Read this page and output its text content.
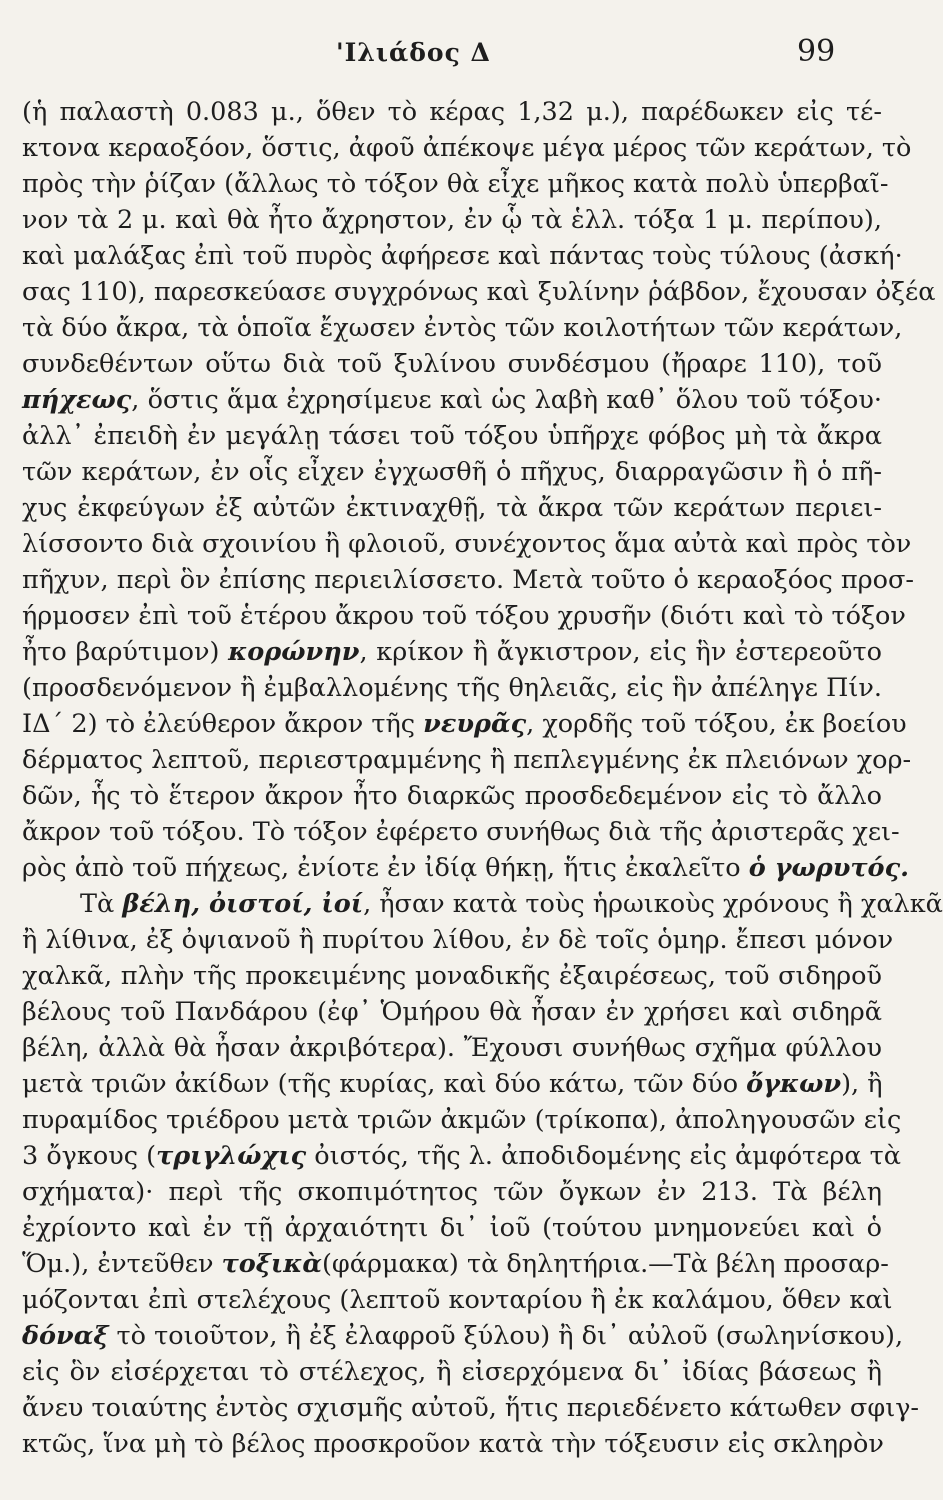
'Ιλιάδος Δ	99
(ἡ παλαστὴ 0.083 μ., ὅθεν τὸ κέρας 1,32 μ.), παρέδωκεν εἰς τέ-
κτονα κεραοξόον, ὅστις, ἀφοῦ ἀπέκοψε μέγα μέρος τῶν κεράτων, τὸ
πρὸς τὴν ῥίζαν (ἄλλως τὸ τόξον θὰ εἶχε μῆκος κατὰ πολὺ ὑπερβαῖ-
νον τὰ 2 μ. καὶ θὰ ἦτο ἄχρηστον, ἐν ᾧ τὰ ἑλλ. τόξα 1 μ. περίπου),
καὶ μαλάξας ἐπὶ τοῦ πυρὸς ἀφήρεσε καὶ πάντας τοὺς τύλους (ἀσκή·
σας 110), παρεσκεύασε συγχρόνως καὶ ξυλίνην ῥάβδον, ἔχουσαν ὀξέα
τὰ δύο ἄκρα, τὰ ὁποῖα ἔχωσεν ἐντὸς τῶν κοιλοτήτων τῶν κεράτων,
συνδεθέντων οὕτω διὰ τοῦ ξυλίνου συνδέσμου (ἤραρε 110), τοῦ
πήχεως, ὅστις ἅμα ἐχρησίμευε καὶ ὡς λαβὴ καθ᾿ ὅλου τοῦ τόξου·
ἀλλ᾿ ἐπειδὴ ἐν μεγάλῃ τάσει τοῦ τόξου ὑπῆρχε φόβος μὴ τὰ ἄκρα
τῶν κεράτων, ἐν οἷς εἶχεν ἐγχωσθῆ ὁ πῆχυς, διαρραγῶσιν ἢ ὁ πῆ-
χυς ἐκφεύγων ἐξ αὐτῶν ἐκτιναχθῇ, τὰ ἄκρα τῶν κεράτων περιει-
λίσσοντο διὰ σχοινίου ἢ φλοιοῦ, συνέχοντος ἅμα αὐτὰ καὶ πρὸς τὸν
πῆχυν, περὶ ὃν ἐπίσης περιειλίσσετο. Μετὰ τοῦτο ὁ κεραοξόος προσ-
ήρμοσεν ἐπὶ τοῦ ἑτέρου ἄκρου τοῦ τόξου χρυσῆν (διότι καὶ τὸ τόξον
ἦτο βαρύτιμον) κορώνην, κρίκον ἢ ἄγκιστρον, εἰς ἣν ἐστερεοῦτο
(προσδενόμενον ἢ ἐμβαλλομένης τῆς θηλειᾶς, εἰς ἣν ἀπέληγε Πίν.
ΙΔ΄ 2) τὸ ἐλεύθερον ἄκρον τῆς νευρᾶς, χορδῆς τοῦ τόξου, ἐκ βοείου
δέρματος λεπτοῦ, περιεστραμμένης ἢ πεπλεγμένης ἐκ πλειόνων χορ-
δῶν, ἧς τὸ ἕτερον ἄκρον ἦτο διαρκῶς προσδεδεμένον εἰς τὸ ἄλλο
ἄκρον τοῦ τόξου. Τὸ τόξον ἐφέρετο συνήθως διὰ τῆς ἀριστερᾶς χει-
ρὸς ἀπὸ τοῦ πήχεως, ἐνίοτε ἐν ἰδίᾳ θήκῃ, ἥτις ἐκαλεῖτο ὁ γωρυτός.
Τὰ βέλη, ὀιστοί, ἰοί, ἦσαν κατὰ τοὺς ἡρωικοὺς χρόνους ἢ χαλκᾶ
ἢ λίθινα, ἐξ ὀψιανοῦ ἢ πυρίτου λίθου, ἐν δὲ τοῖς ὁμηρ. ἔπεσι μόνον
χαλκᾶ, πλὴν τῆς προκειμένης μοναδικῆς ἐξαιρέσεως, τοῦ σιδηροῦ
βέλους τοῦ Πανδάρου (ἐφ᾿ Ὁμήρου θὰ ἦσαν ἐν χρήσει καὶ σιδηρᾶ
βέλη, ἀλλὰ θὰ ἦσαν ἀκριβότερα). Ἔχουσι συνήθως σχῆμα φύλλου
μετὰ τριῶν ἀκίδων (τῆς κυρίας, καὶ δύο κάτω, τῶν δύο ὄγκων), ἢ
πυραμίδος τριέδρου μετὰ τριῶν ἀκμῶν (τρίκοπα), ἀποληγουσῶν εἰς
3 ὄγκους (τριγλώχις ὀιστός, τῆς λ. ἀποδιδομένης εἰς ἀμφότερα τὰ
σχήματα)· περὶ τῆς σκοπιμότητος τῶν ὄγκων ἐν 213. Τὰ βέλη
ἐχρίοντο καὶ ἐν τῇ ἀρχαιότητι δι᾿ ἰοῦ (τούτου μνημονεύει καὶ ὁ
Ὅμ.), ἐντεῦθεν τοξικὰ(φάρμακα) τὰ δηλητήρια.—Τὰ βέλη προσαρ-
μόζονται ἐπὶ στελέχους (λεπτοῦ κονταρίου ἢ ἐκ καλάμου, ὅθεν καὶ
δόναξ τὸ τοιοῦτον, ἢ ἐξ ἐλαφροῦ ξύλου) ἢ δι᾿ αὐλοῦ (σωληνίσκου),
εἰς ὃν εἰσέρχεται τὸ στέλεχος, ἢ εἰσερχόμενα δι᾿ ἰδίας βάσεως ἢ
ἄνευ τοιαύτης ἐντὸς σχισμῆς αὐτοῦ, ἥτις περιεδένετο κάτωθεν σφιγ-
κτῶς, ἵνα μὴ τὸ βέλος προσκροῦον κατὰ τὴν τόξευσιν εἰς σκληρὸν
